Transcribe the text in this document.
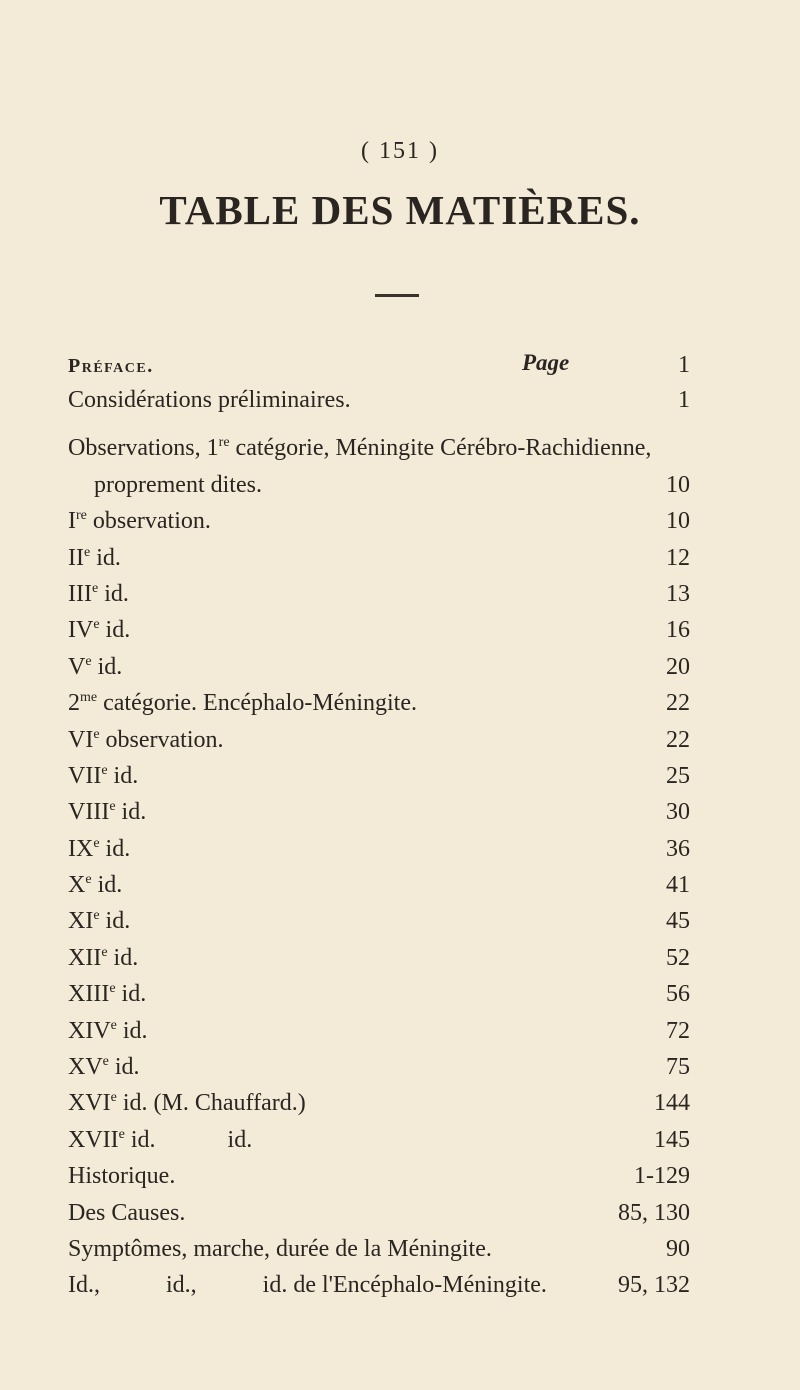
( 151 )
TABLE DES MATIÈRES.
Préface.	Page	1
Considérations préliminaires.	1
Observations, 1re catégorie, Méningite Cérébro-Rachidienne,
proprement dites.	10
Ire observation.	10
IIe id.	12
IIIe id.	13
IVe id.	16
Ve id.	20
$2^{me}$ catégorie. Encéphalo-Méningite.	22
VIe observation.	22
VIIe id.	25
VIIIe id.	30
IXe id.	36
Xe id.	41
XIe id.	45
XIIe id.	52
XIIIe id.	56
XIVe id.	72
XVe id.	75
XVIe id. (M. Chauffard.)	144
XVIIe id.            id.	145
Historique.	1-129
Des Causes.	85, 130
Symptômes, marche, durée de la Méningite.	90
Id.,           id.,           id. de l'Encéphalo-Méningite.	95, 132
